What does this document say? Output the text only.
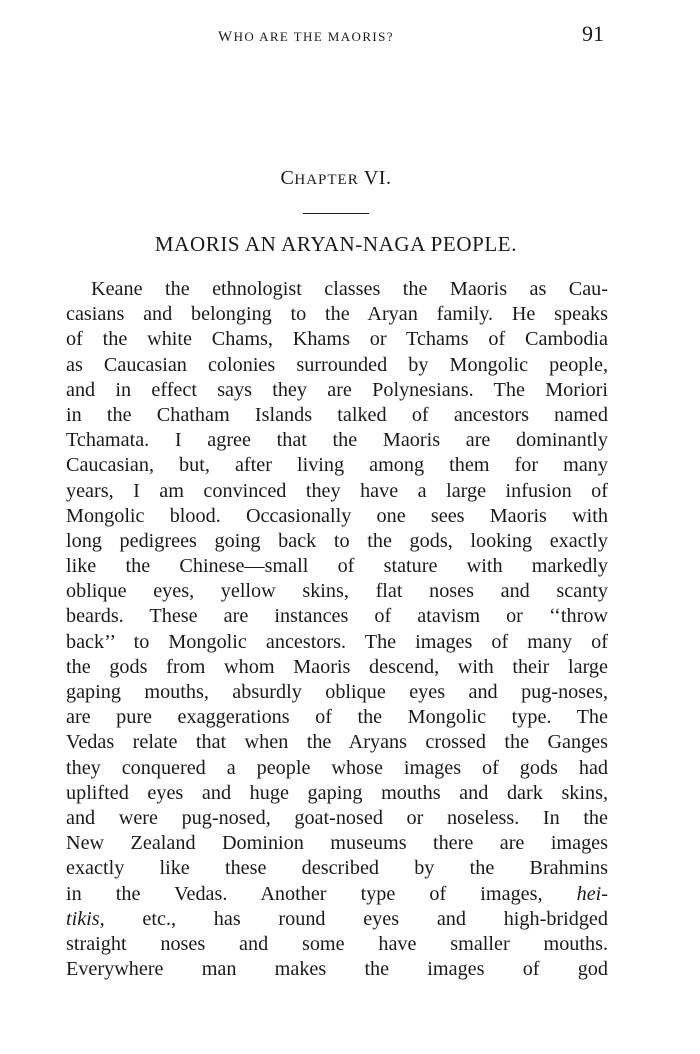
WHO ARE THE MAORIS?	91
CHAPTER VI.
MAORIS AN ARYAN-NAGA PEOPLE.
Keane the ethnologist classes the Maoris as Cau-
casians and belonging to the Aryan family. He speaks
of the white Chams, Khams or Tchams of Cambodia
as Caucasian colonies surrounded by Mongolic people,
and in effect says they are Polynesians. The Moriori
in the Chatham Islands talked of ancestors named
Tchamata. I agree that the Maoris are dominantly
Caucasian, but, after living among them for many
years, I am convinced they have a large infusion of
Mongolic blood. Occasionally one sees Maoris with
long pedigrees going back to the gods, looking exactly
like the Chinese—small of stature with markedly
oblique eyes, yellow skins, flat noses and scanty
beards. These are instances of atavism or ‘‘throw
back’’ to Mongolic ancestors. The images of many of
the gods from whom Maoris descend, with their large
gaping mouths, absurdly oblique eyes and pug-noses,
are pure exaggerations of the Mongolic type. The
Vedas relate that when the Aryans crossed the Ganges
they conquered a people whose images of gods had
uplifted eyes and huge gaping mouths and dark skins,
and were pug-nosed, goat-nosed or noseless. In the
New Zealand Dominion museums there are images
exactly like these described by the Brahmins
in the Vedas. Another type of images, hei-
tikis, etc., has round eyes and high-bridged
straight noses and some have smaller mouths.
Everywhere man makes the images of god
